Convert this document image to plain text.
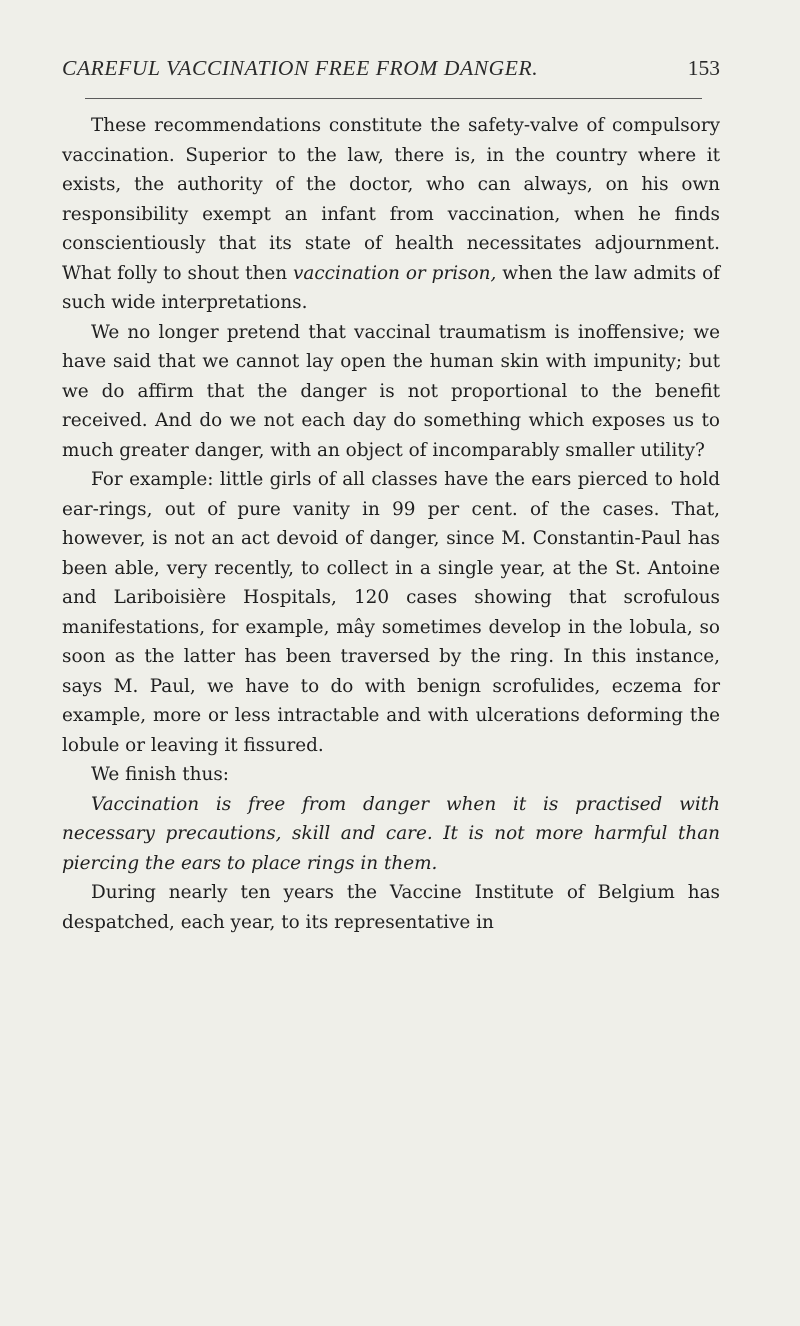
CAREFUL VACCINATION FREE FROM DANGER.	153

These recommendations constitute the safety-valve of compulsory vaccination. Superior to the law, there is, in the country where it exists, the authority of the doctor, who can always, on his own responsibility exempt an infant from vaccination, when he finds conscientiously that its state of health necessitates adjournment. What folly to shout then vaccination or prison, when the law admits of such wide interpretations.

We no longer pretend that vaccinal traumatism is inoffensive; we have said that we cannot lay open the human skin with impunity; but we do affirm that the danger is not proportional to the benefit received. And do we not each day do something which exposes us to much greater danger, with an object of incomparably smaller utility?

For example: little girls of all classes have the ears pierced to hold ear-rings, out of pure vanity in 99 per cent. of the cases. That, however, is not an act devoid of danger, since M. Constantin-Paul has been able, very recently, to collect in a single year, at the St. Antoine and Lariboisière Hospitals, 120 cases showing that scrofulous manifestations, for example, mây sometimes develop in the lobula, so soon as the latter has been traversed by the ring. In this instance, says M. Paul, we have to do with benign scrofulides, eczema for example, more or less intractable and with ulcerations deforming the lobule or leaving it fissured.

We finish thus:

Vaccination is free from danger when it is practised with necessary precautions, skill and care. It is not more harmful than piercing the ears to place rings in them.

During nearly ten years the Vaccine Institute of Belgium has despatched, each year, to its representative in
